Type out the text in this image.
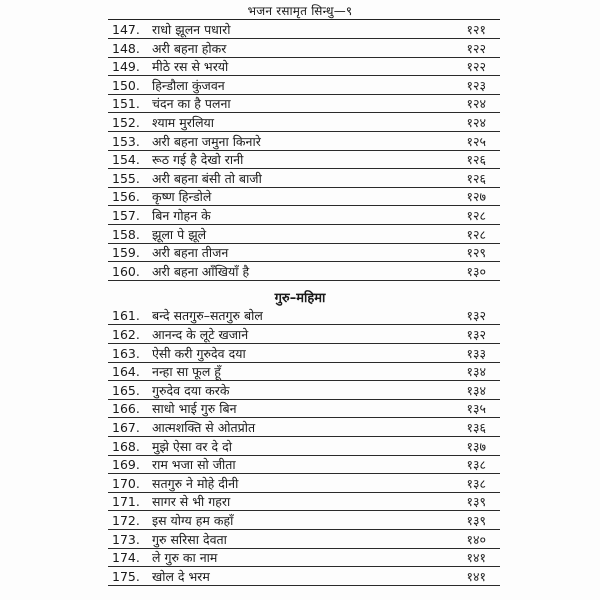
भजन रसामृत सिन्धु—९
147. राधो झूलन पधारो	१२१
148. अरी बहना होकर	१२२
149. मीठे रस से भरयो	१२२
150. हिन्डौला कुंजवन	१२३
151. चंदन का है पलना	१२४
152. श्याम मुरलिया	१२४
153. अरी बहना जमुना किनारे	१२५
154. रूठ गई है देखो रानी	१२६
155. अरी बहना बंसी तो बाजी	१२६
156. कृष्ण हिन्डोले	१२७
157. बिन गोहन के	१२८
158. झूला पे झूले	१२८
159. अरी बहना तीजन	१२९
160. अरी बहना आँखियाँ है	१३०
गुरु–महिमा
161. बन्दे सतगुरु–सतगुरु बोल	१३२
162. आनन्द के लूटे खजाने	१३२
163. ऐसी करी गुरुदेव दया	१३३
164. नन्हा सा फूल हूँ	१३४
165. गुरुदेव दया करके	१३४
166. साधो भाई गुरु बिन	१३५
167. आत्मशक्ति से ओतप्रोत	१३६
168. मुझे ऐसा वर दे दो	१३७
169. राम भजा सो जीता	१३८
170. सतगुरु ने मोहे दीनी	१३८
171. सागर से भी गहरा	१३९
172. इस योग्य हम कहाँ	१३९
173. गुरु सरिसा देवता	१४०
174. ले गुरु का नाम	१४१
175. खोल दे भरम	१४१
